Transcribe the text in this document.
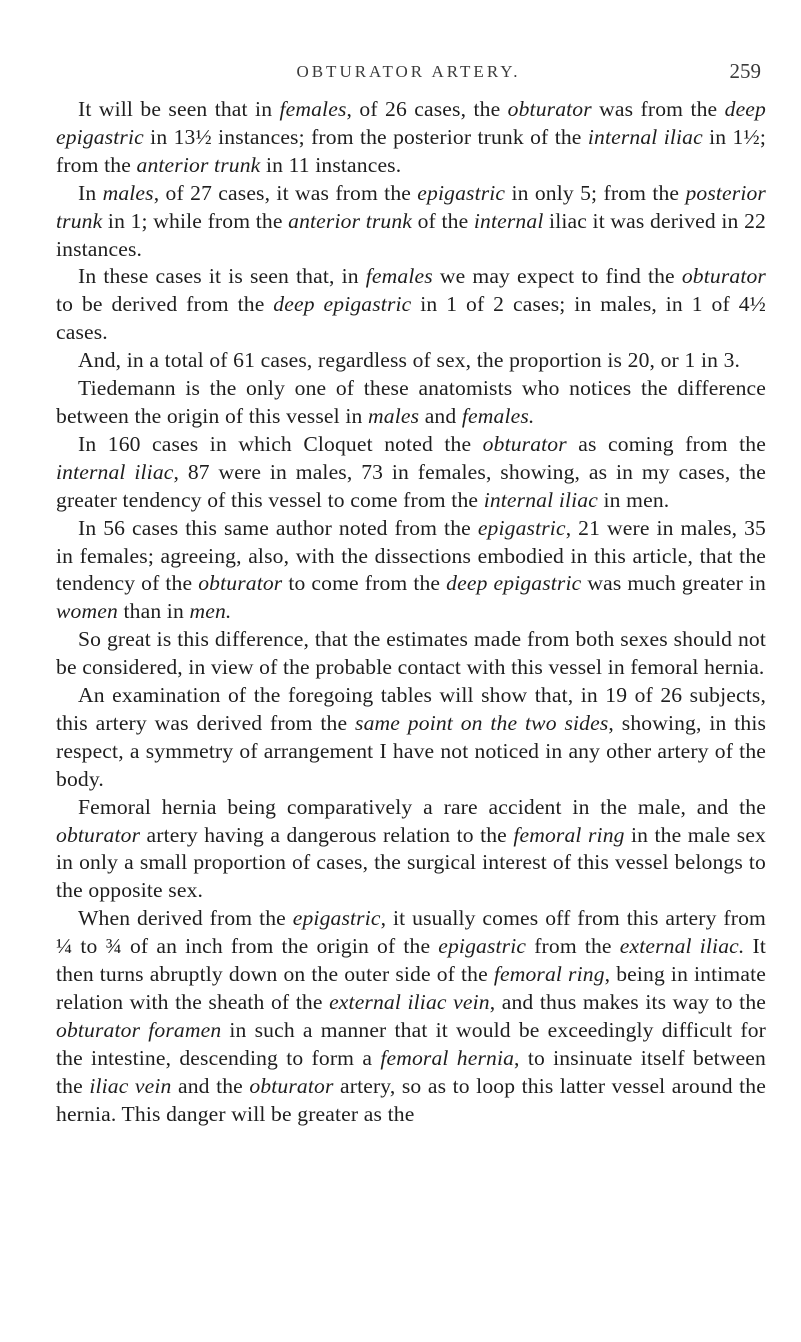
OBTURATOR ARTERY.	259

It will be seen that in females, of 26 cases, the obturator was from the deep epigastric in 13½ instances; from the posterior trunk of the internal iliac in 1½; from the anterior trunk in 11 instances.

In males, of 27 cases, it was from the epigastric in only 5; from the posterior trunk in 1; while from the anterior trunk of the internal iliac it was derived in 22 instances.

In these cases it is seen that, in females we may expect to find the obturator to be derived from the deep epigastric in 1 of 2 cases; in males, in 1 of 4½ cases.

And, in a total of 61 cases, regardless of sex, the proportion is 20, or 1 in 3.

Tiedemann is the only one of these anatomists who notices the difference between the origin of this vessel in males and females.

In 160 cases in which Cloquet noted the obturator as coming from the internal iliac, 87 were in males, 73 in females, showing, as in my cases, the greater tendency of this vessel to come from the internal iliac in men.

In 56 cases this same author noted from the epigastric, 21 were in males, 35 in females; agreeing, also, with the dissections embodied in this article, that the tendency of the obturator to come from the deep epigastric was much greater in women than in men.

So great is this difference, that the estimates made from both sexes should not be considered, in view of the probable contact with this vessel in femoral hernia.

An examination of the foregoing tables will show that, in 19 of 26 subjects, this artery was derived from the same point on the two sides, showing, in this respect, a symmetry of arrangement I have not noticed in any other artery of the body.

Femoral hernia being comparatively a rare accident in the male, and the obturator artery having a dangerous relation to the femoral ring in the male sex in only a small proportion of cases, the surgical interest of this vessel belongs to the opposite sex.

When derived from the epigastric, it usually comes off from this artery from ¼ to ¾ of an inch from the origin of the epigastric from the external iliac. It then turns abruptly down on the outer side of the femoral ring, being in intimate relation with the sheath of the external iliac vein, and thus makes its way to the obturator foramen in such a manner that it would be exceedingly difficult for the intestine, descending to form a femoral hernia, to insinuate itself between the iliac vein and the obturator artery, so as to loop this latter vessel around the hernia. This danger will be greater as the
